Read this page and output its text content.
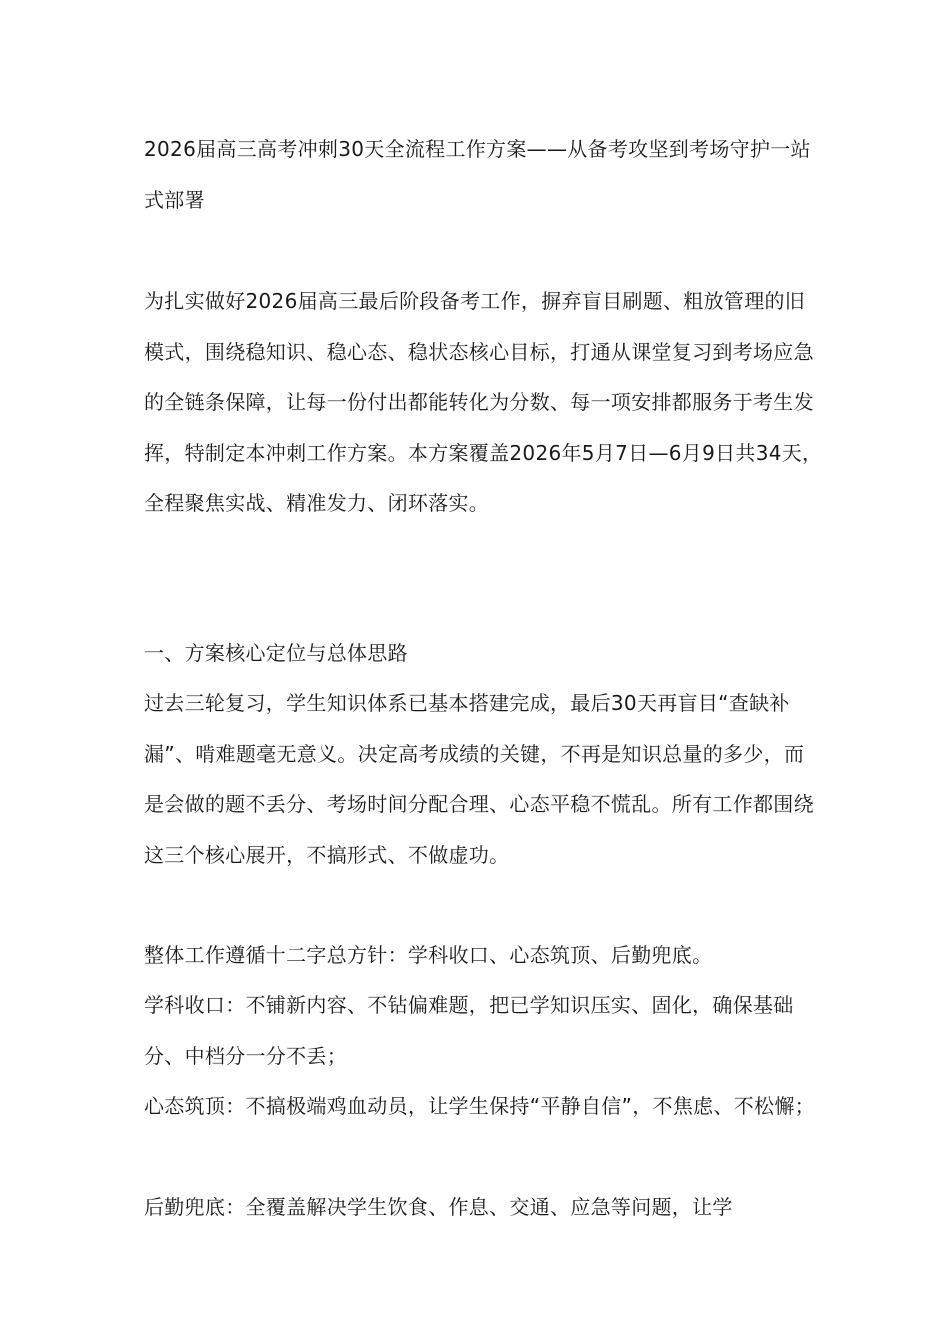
2026届高三高考冲刺30天全流程工作方案——从备考攻坚到考场守护一站式部署

为扎实做好2026届高三最后阶段备考工作，摒弃盲目刷题、粗放管理的旧模式，围绕稳知识、稳心态、稳状态核心目标，打通从课堂复习到考场应急的全链条保障，让每一份付出都能转化为分数、每一项安排都服务于考生发挥，特制定本冲刺工作方案。本方案覆盖2026年5月7日—6月9日共34天，全程聚焦实战、精准发力、闭环落实。

一、方案核心定位与总体思路

过去三轮复习，学生知识体系已基本搭建完成，最后30天再盲目“查缺补漏”、啃难题毫无意义。决定高考成绩的关键，不再是知识总量的多少，而是会做的题不丢分、考场时间分配合理、心态平稳不慌乱。所有工作都围绕这三个核心展开，不搞形式、不做虚功。

整体工作遵循十二字总方针：学科收口、心态筑顶、后勤兜底。

学科收口：不铺新内容、不钻偏难题，把已学知识压实、固化，确保基础分、中档分一分不丢；

心态筑顶：不搞极端鸡血动员，让学生保持“平静自信”，不焦虑、不松懈；

后勤兜底：全覆盖解决学生饮食、作息、交通、应急等问题，让学
